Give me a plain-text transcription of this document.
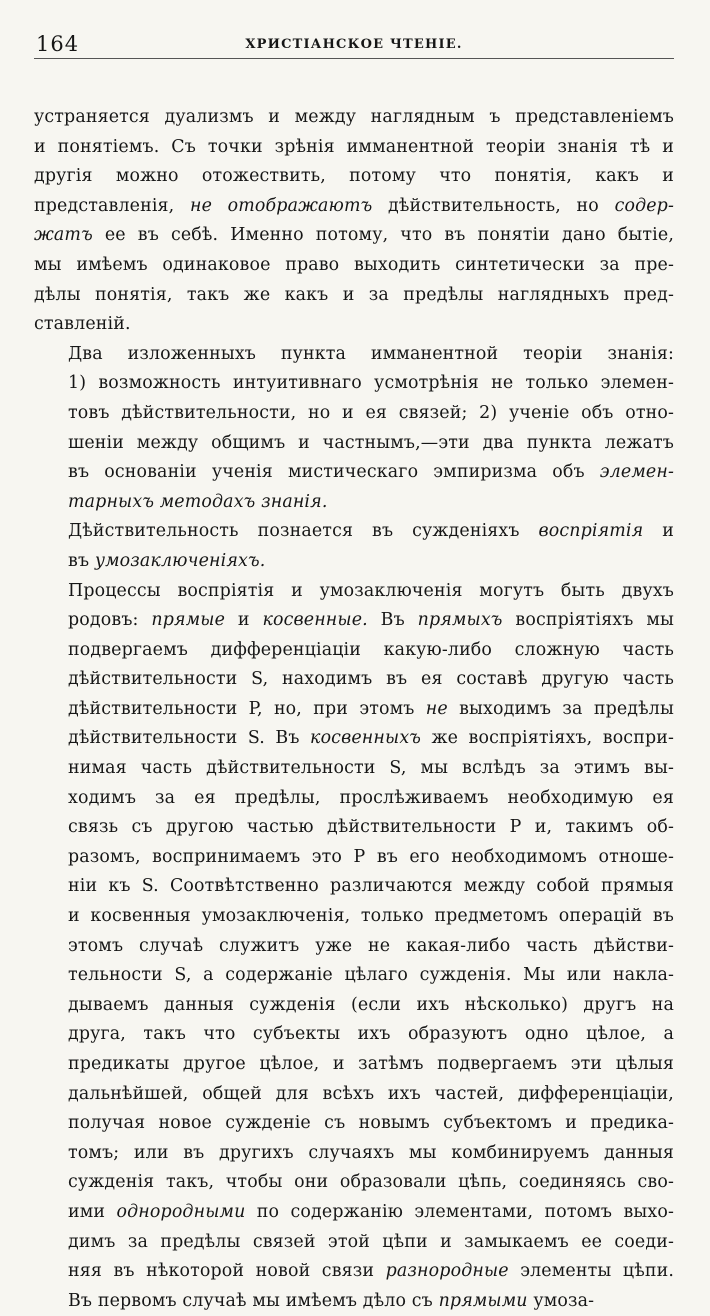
164	ХРИСТІАНСКОЕ ЧТЕНІЕ.

устраняется дуализмъ и между наглядным ъ представленіемъ
и понятіемъ. Съ точки зрѣнія имманентной теоріи знанія тѣ и
другія можно отожествить, потому что понятія, какъ и
представленія, не отображаютъ дѣйствительность, но содер-
жатъ ее въ себѣ. Именно потому, что въ понятіи дано бытіе,
мы имѣемъ одинаковое право выходить синтетически за пре-
дѣлы понятія, такъ же какъ и за предѣлы наглядныхъ пред-
ставленій.

Два изложенныхъ пункта имманентной теоріи знанія:
1) возможность интуитивнаго усмотрѣнія не только элемен-
товъ дѣйствительности, но и ея связей; 2) ученіе объ отно-
шеніи между общимъ и частнымъ,—эти два пункта лежатъ
въ основаніи ученія мистическаго эмпиризма объ элемен-
тарныхъ методахъ знанія.

Дѣйствительность познается въ сужденіяхъ воспріятія и
въ умозаключеніяхъ.

Процессы воспріятія и умозаключенія могутъ быть двухъ
родовъ: прямые и косвенные. Въ прямыхъ воспріятіяхъ мы
подвергаемъ дифференціаціи какую-либо сложную часть
дѣйствительности S, находимъ въ ея составѣ другую часть
дѣйствительности P, но, при этомъ не выходимъ за предѣлы
дѣйствительности S. Въ косвенныхъ же воспріятіяхъ, воспри-
нимая часть дѣйствительности S, мы вслѣдъ за этимъ вы-
ходимъ за ея предѣлы, прослѣживаемъ необходимую ея
связь съ другою частью дѣйствительности P и, такимъ об-
разомъ, воспринимаемъ это P въ его необходимомъ отноше-
ніи къ S. Соотвѣтственно различаются между собой прямыя
и косвенныя умозаключенія, только предметомъ операцій въ
этомъ случаѣ служитъ уже не какая-либо часть дѣйстви-
тельности S, а содержаніе цѣлаго сужденія. Мы или накла-
дываемъ данныя сужденія (если ихъ нѣсколько) другъ на
друга, такъ что субъекты ихъ образуютъ одно цѣлое, а
предикаты другое цѣлое, и затѣмъ подвергаемъ эти цѣлыя
дальнѣйшей, общей для всѣхъ ихъ частей, дифференціаціи,
получая новое сужденіе съ новымъ субъектомъ и предика-
томъ; или въ другихъ случаяхъ мы комбинируемъ данныя
сужденія такъ, чтобы они образовали цѣпь, соединяясь сво-
ими однородными по содержанію элементами, потомъ выхо-
димъ за предѣлы связей этой цѣпи и замыкаемъ ее соеди-
няя въ нѣкоторой новой связи разнородные элементы цѣпи.
Въ первомъ случаѣ мы имѣемъ дѣло съ прямыми умоза-
